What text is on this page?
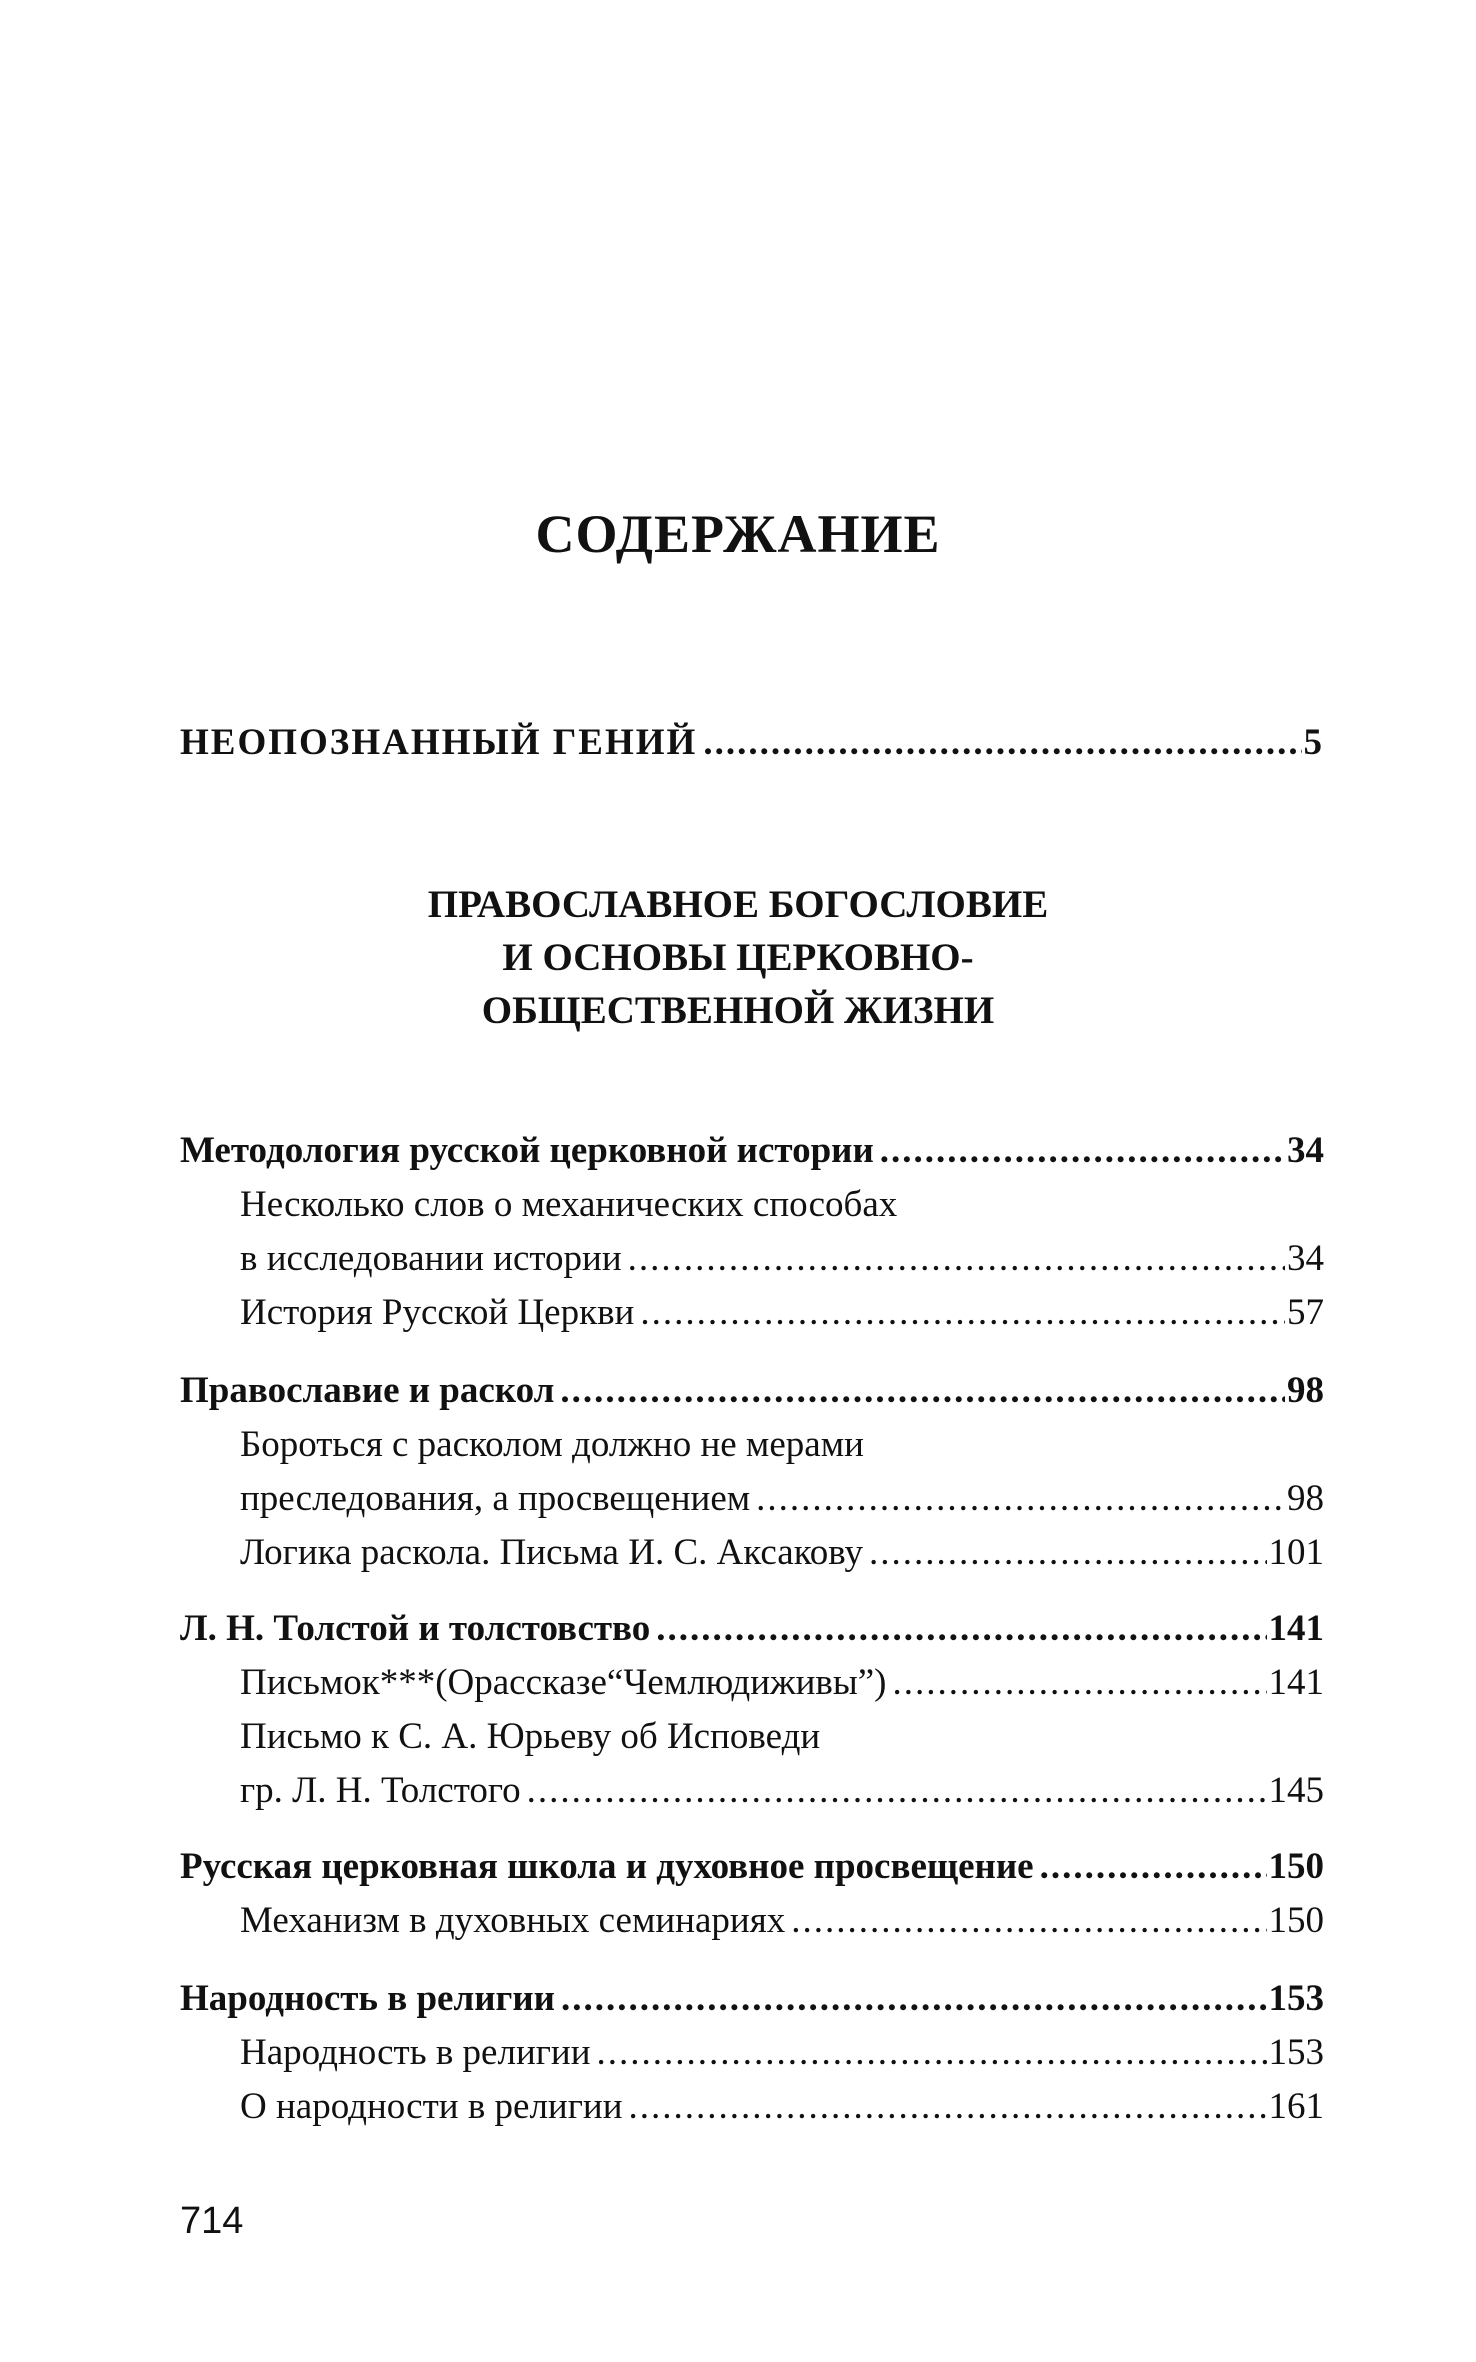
СОДЕРЖАНИЕ
НЕОПОЗНАННЫЙ ГЕНИЙ .....	5
ПРАВОСЛАВНОЕ БОГОСЛОВИЕ
И ОСНОВЫ ЦЕРКОВНО-
ОБЩЕСТВЕННОЙ ЖИЗНИ
Методология русской церковной истории .....	34
Несколько слов о механических способах
в исследовании истории .....	34
История Русской Церкви .....	57
Православие и раскол .....	98
Бороться с расколом должно не мерами
преследования, а просвещением .....	98
Логика раскола. Письма И. С. Аксакову .....	101
Л. Н. Толстой и толстовство .....	141
Письмок***(Орассказе“Чемлюдиживы”) .....	141
Письмо к С. А. Юрьеву об Исповеди
гр. Л. Н. Толстого .....	145
Русская церковная школа и духовное просвещение .....	150
Механизм в духовных семинариях .....	150
Народность в религии .....	153
Народность в религии .....	153
О народности в религии .....	161
714
